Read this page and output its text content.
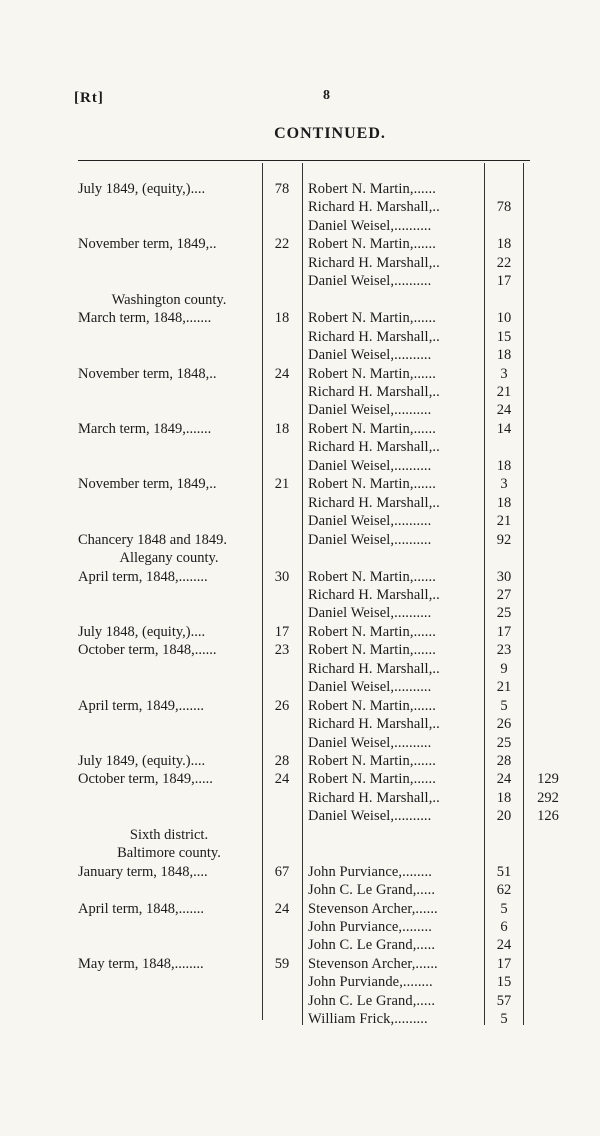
[Rt]	8
CONTINUED.
July 1849, (equity,)....	78	Robert N. Martin,......
Richard H. Marshall,..	78
Daniel Weisel,..........
November term, 1849,..	22	Robert N. Martin,......	18
Richard H. Marshall,..	22
Daniel Weisel,..........	17
Washington county.
March term, 1848,.......	18	Robert N. Martin,......	10
Richard H. Marshall,..	15
Daniel Weisel,..........	18
November term, 1848,..	24	Robert N. Martin,......	3
Richard H. Marshall,..	21
Daniel Weisel,..........	24
March term, 1849,.......	18	Robert N. Martin,......	14
Richard H. Marshall,..
Daniel Weisel,..........	18
November term, 1849,..	21	Robert N. Martin,......	3
Richard H. Marshall,..	18
Daniel Weisel,..........	21
Chancery 1848 and 1849.	Daniel Weisel,..........	92
Allegany county.
April term, 1848,........	30	Robert N. Martin,......	30
Richard H. Marshall,..	27
Daniel Weisel,..........	25
July 1848, (equity,)....	17	Robert N. Martin,......	17
October term, 1848,......	23	Robert N. Martin,......	23
Richard H. Marshall,..	9
Daniel Weisel,..........	21
April term, 1849,.......	26	Robert N. Martin,......	5
Richard H. Marshall,..	26
Daniel Weisel,..........	25
July 1849, (equity.)....	28	Robert N. Martin,......	28
October term, 1849,.....	24	Robert N. Martin,......	24	129
Richard H. Marshall,..	18	292
Daniel Weisel,..........	20	126
Sixth district.
Baltimore county.
January term, 1848,....	67	John Purviance,........	51
John C. Le Grand,.....	62
April term, 1848,.......	24	Stevenson Archer,......	5
John Purviance,........	6
John C. Le Grand,.....	24
May term, 1848,........	59	Stevenson Archer,......	17
John Purviande,........	15
John C. Le Grand,.....	57
William Frick,.........	5
